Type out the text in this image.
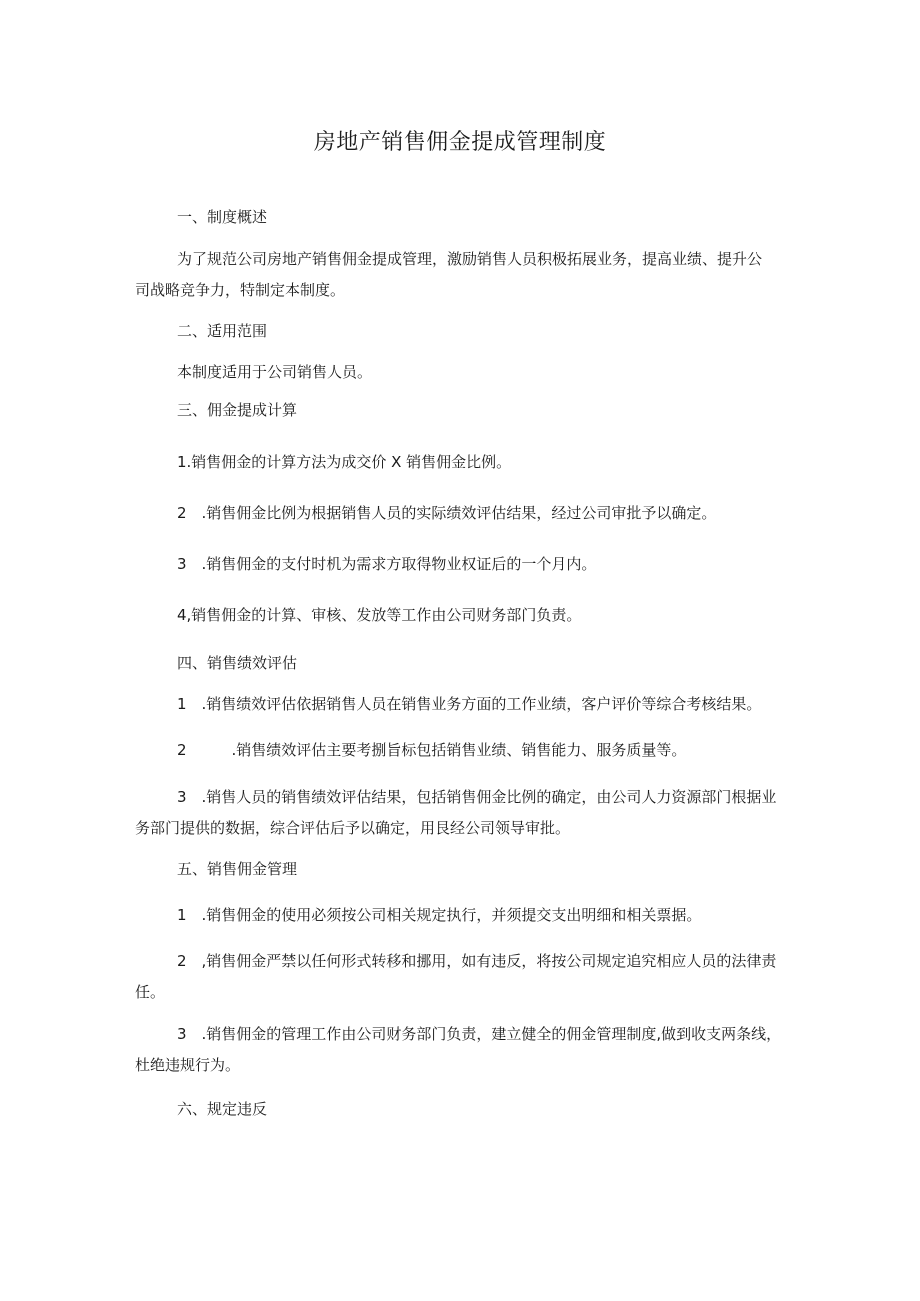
房地产销售佣金提成管理制度
一、制度概述
为了规范公司房地产销售佣金提成管理，激励销售人员积极拓展业务，提高业绩、提升公
司战略竞争力，特制定本制度。
二、适用范围
本制度适用于公司销售人员。
三、佣金提成计算
1.销售佣金的计算方法为成交价 X 销售佣金比例。
2　.销售佣金比例为根据销售人员的实际绩效评估结果，经过公司审批予以确定。
3　.销售佣金的支付时机为需求方取得物业权证后的一个月内。
4,销售佣金的计算、审核、发放等工作由公司财务部门负责。
四、销售绩效评估
1　.销售绩效评估依据销售人员在销售业务方面的工作业绩，客户评价等综合考核结果。
2　　　.销售绩效评估主要考捌旨标包括销售业绩、销售能力、服务质量等。
3　.销售人员的销售绩效评估结果，包括销售佣金比例的确定，由公司人力资源部门根据业
务部门提供的数据，综合评估后予以确定，用艮经公司领导审批。
五、销售佣金管理
1　.销售佣金的使用必须按公司相关规定执行，并须提交支出明细和相关票据。
2　,销售佣金严禁以任何形式转移和挪用，如有违反，将按公司规定追究相应人员的法律责
任。
3　.销售佣金的管理工作由公司财务部门负责，建立健全的佣金管理制度,做到收支两条线，
杜绝违规行为。
六、规定违反
